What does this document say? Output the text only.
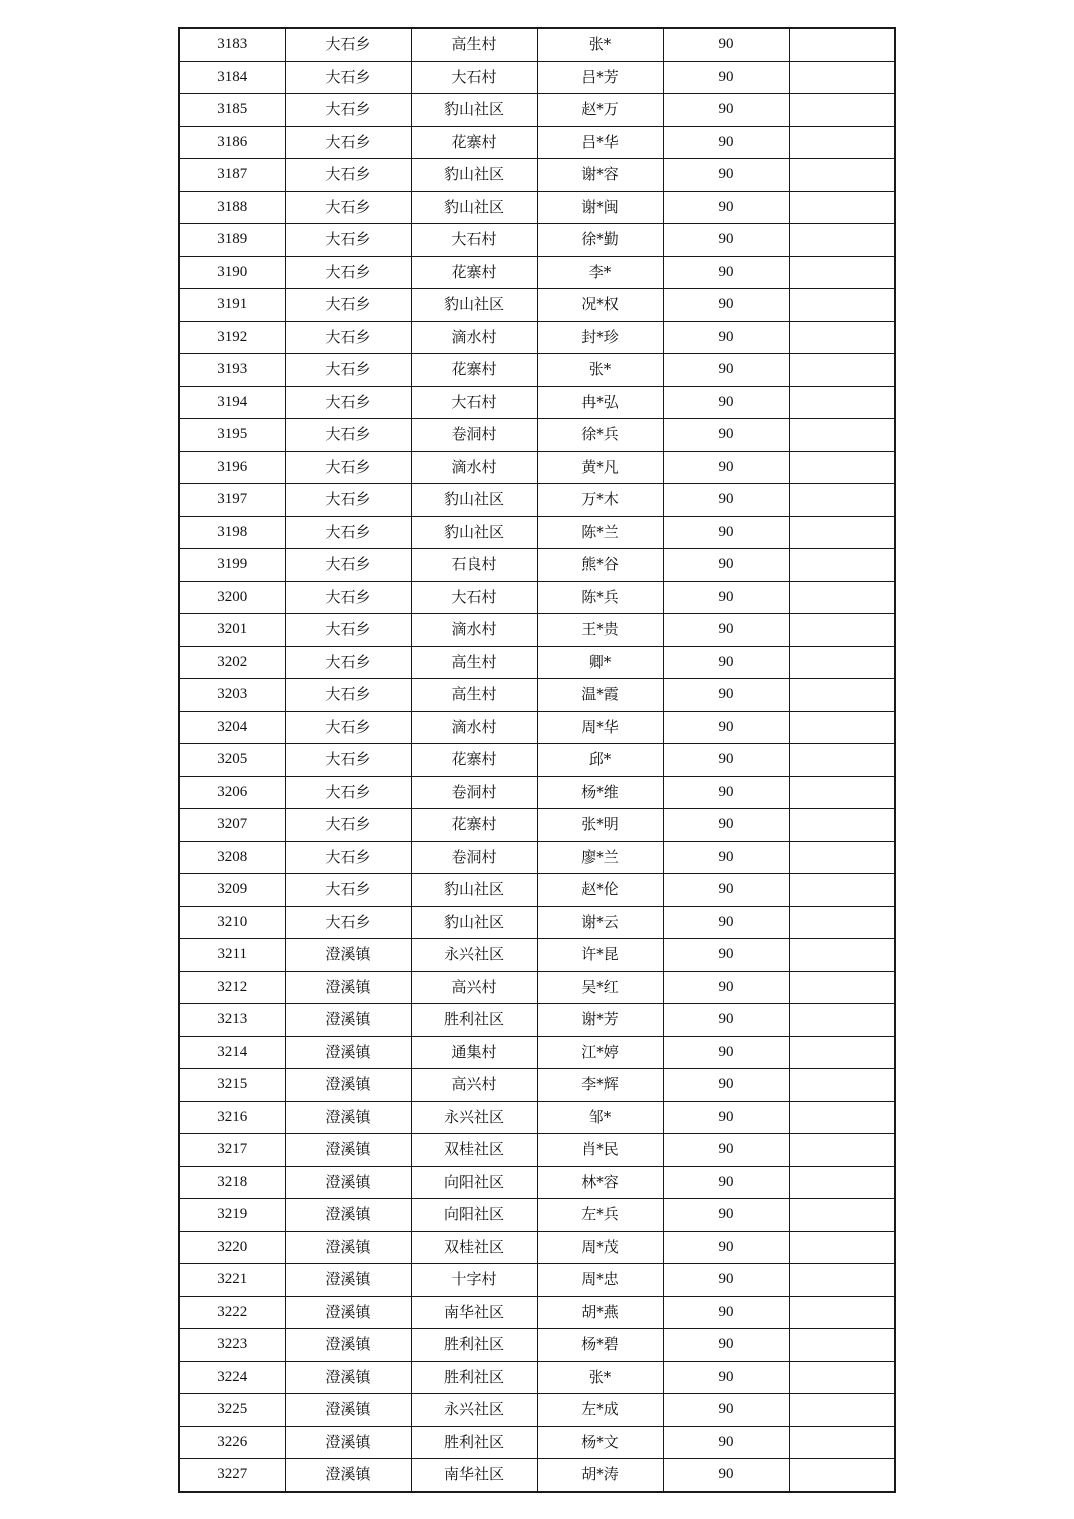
3183	大石乡	高生村	张*	90	
3184	大石乡	大石村	吕*芳	90	
3185	大石乡	豹山社区	赵*万	90	
3186	大石乡	花寨村	吕*华	90	
3187	大石乡	豹山社区	谢*容	90	
3188	大石乡	豹山社区	谢*闽	90	
3189	大石乡	大石村	徐*勤	90	
3190	大石乡	花寨村	李*	90	
3191	大石乡	豹山社区	况*权	90	
3192	大石乡	滴水村	封*珍	90	
3193	大石乡	花寨村	张*	90	
3194	大石乡	大石村	冉*弘	90	
3195	大石乡	卷洞村	徐*兵	90	
3196	大石乡	滴水村	黄*凡	90	
3197	大石乡	豹山社区	万*木	90	
3198	大石乡	豹山社区	陈*兰	90	
3199	大石乡	石良村	熊*谷	90	
3200	大石乡	大石村	陈*兵	90	
3201	大石乡	滴水村	王*贵	90	
3202	大石乡	高生村	卿*	90	
3203	大石乡	高生村	温*霞	90	
3204	大石乡	滴水村	周*华	90	
3205	大石乡	花寨村	邱*	90	
3206	大石乡	卷洞村	杨*维	90	
3207	大石乡	花寨村	张*明	90	
3208	大石乡	卷洞村	廖*兰	90	
3209	大石乡	豹山社区	赵*伦	90	
3210	大石乡	豹山社区	谢*云	90	
3211	澄溪镇	永兴社区	许*昆	90	
3212	澄溪镇	高兴村	吴*红	90	
3213	澄溪镇	胜利社区	谢*芳	90	
3214	澄溪镇	通集村	江*婷	90	
3215	澄溪镇	高兴村	李*辉	90	
3216	澄溪镇	永兴社区	邹*	90	
3217	澄溪镇	双桂社区	肖*民	90	
3218	澄溪镇	向阳社区	林*容	90	
3219	澄溪镇	向阳社区	左*兵	90	
3220	澄溪镇	双桂社区	周*茂	90	
3221	澄溪镇	十字村	周*忠	90	
3222	澄溪镇	南华社区	胡*燕	90	
3223	澄溪镇	胜利社区	杨*碧	90	
3224	澄溪镇	胜利社区	张*	90	
3225	澄溪镇	永兴社区	左*成	90	
3226	澄溪镇	胜利社区	杨*文	90	
3227	澄溪镇	南华社区	胡*涛	90	
